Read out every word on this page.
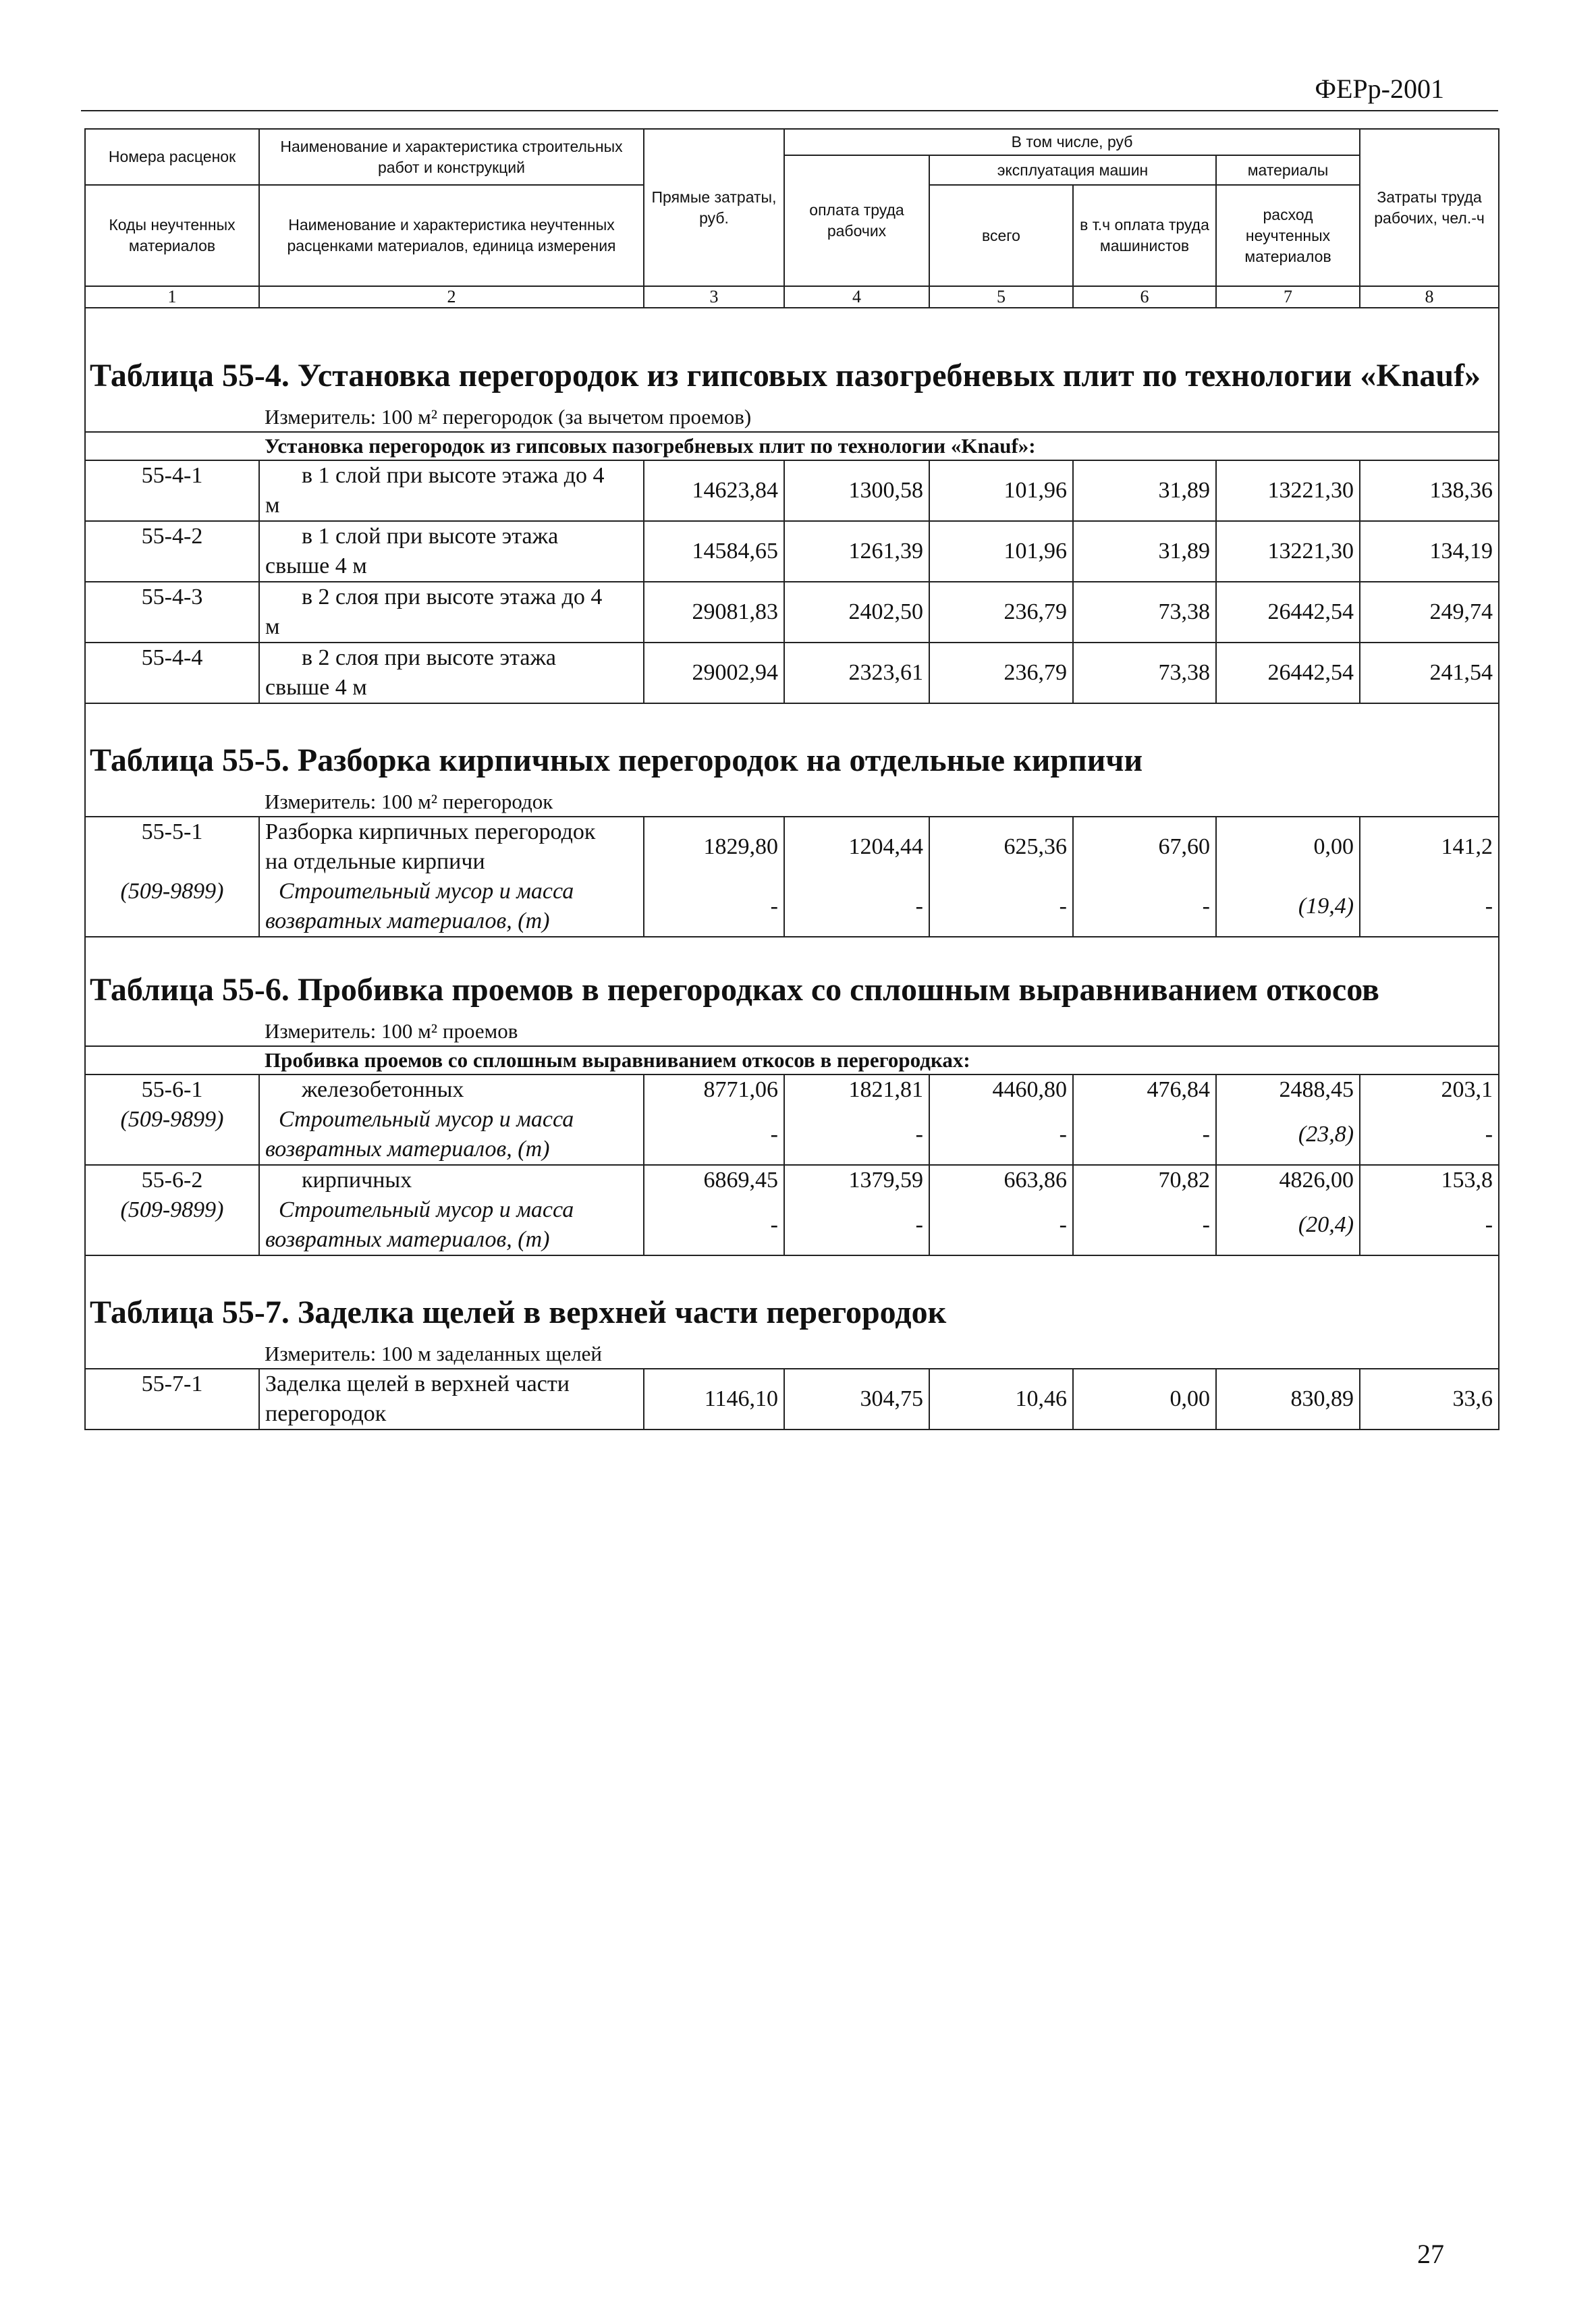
ФЕРр-2001
Номера расценок	Наименование и характеристика строительных работ и конструкций	Прямые затраты, руб.	В том числе, руб				Затраты труда рабочих, чел.-ч
			оплата труда рабочих	эксплуатация машин		материалы	
Коды неучтенных материалов	Наименование и характеристика неучтенных расценками материалов, единица измерения			всего	в т.ч оплата труда машинистов	расход неучтенных материалов	
1	2	3	4	5	6	7	8
Таблица 55-4. Установка перегородок из гипсовых пазогребневых плит по технологии «Knauf»							
Измеритель: 100 м² перегородок (за вычетом проемов)							
Установка перегородок из гипсовых пазогребневых плит по технологии «Knauf»:							
55-4-1	в 1 слой при высоте этажа до 4
м	14623,84	1300,58	101,96	31,89	13221,30	138,36
55-4-2	в 1 слой при высоте этажа
свыше 4 м	14584,65	1261,39	101,96	31,89	13221,30	134,19
55-4-3	в 2 слоя при высоте этажа до 4
м	29081,83	2402,50	236,79	73,38	26442,54	249,74
55-4-4	в 2 слоя при высоте этажа
свыше 4 м	29002,94	2323,61	236,79	73,38	26442,54	241,54
Таблица 55-5. Разборка кирпичных перегородок на отдельные кирпичи							
Измеритель: 100 м² перегородок							
55-5-1	Разборка кирпичных перегородок
на отдельные кирпичи	1829,80	1204,44	625,36	67,60	0,00	141,2
(509-9899)	Строительный мусор и масса
возвратных материалов, (т)	-	-	-	-	(19,4)	-
Таблица 55-6. Пробивка проемов в перегородках со сплошным выравниванием откосов							
Измеритель: 100 м² проемов							
Пробивка проемов со сплошным выравниванием откосов в перегородках:							
55-6-1	железобетонных	8771,06	1821,81	4460,80	476,84	2488,45	203,1
(509-9899)	Строительный мусор и масса
возвратных материалов, (т)	-	-	-	-	(23,8)	-
55-6-2	кирпичных	6869,45	1379,59	663,86	70,82	4826,00	153,8
(509-9899)	Строительный мусор и масса
возвратных материалов, (т)	-	-	-	-	(20,4)	-
Таблица 55-7. Заделка щелей в верхней части перегородок							
Измеритель: 100 м заделанных щелей							
55-7-1	Заделка щелей в верхней части
перегородок	1146,10	304,75	10,46	0,00	830,89	33,6
27
